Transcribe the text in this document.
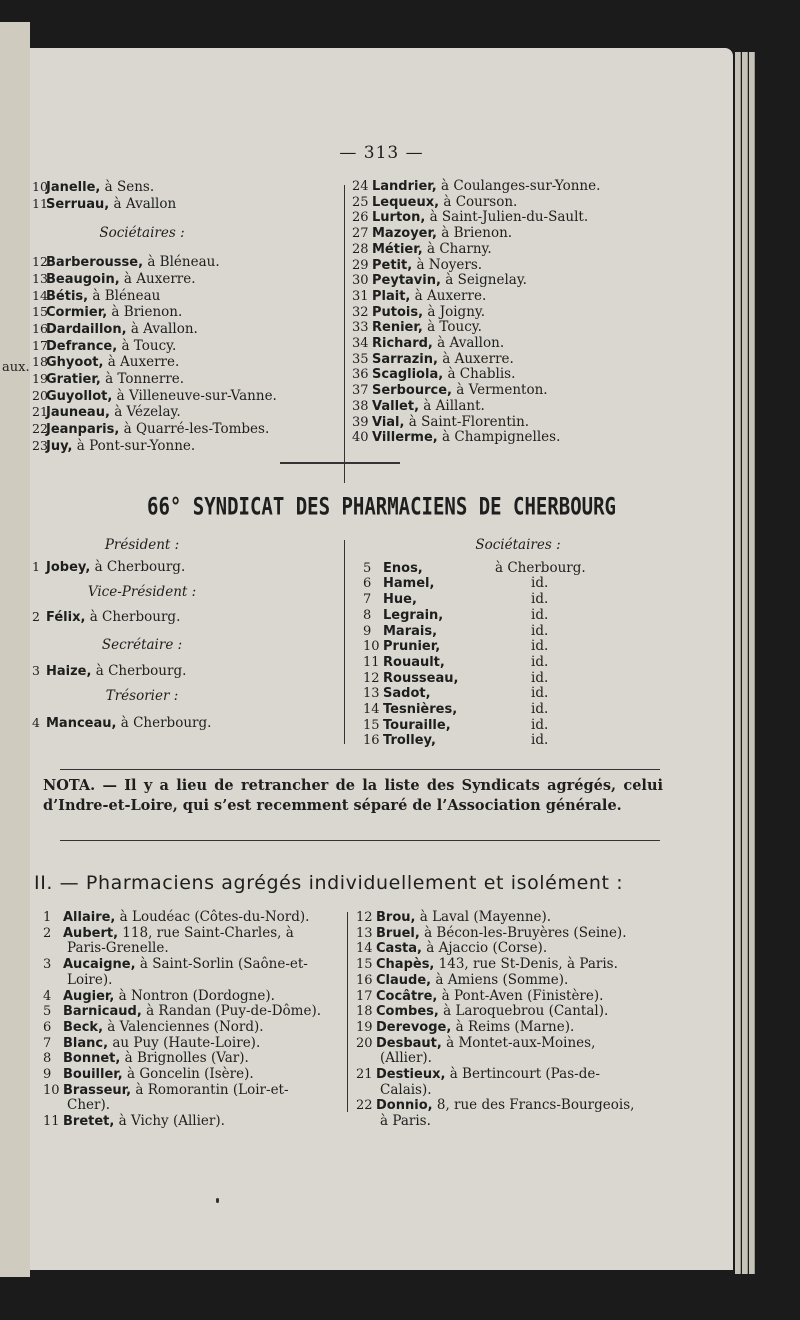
aux.
— 313 —
10Janelle, à Sens.
11Serruau, à Avallon
Sociétaires :
12Barberousse, à Bléneau.
13Beaugoin, à Auxerre.
14Bétis, à Bléneau
15Cormier, à Brienon.
16Dardaillon, à Avallon.
17Defrance, à Toucy.
18Ghyoot, à Auxerre.
19Gratier, à Tonnerre.
20Guyollot, à Villeneuve-sur-Vanne.
21Jauneau, à Vézelay.
22Jeanparis, à Quarré-les-Tombes.
23Juy, à Pont-sur-Yonne.
24 Landrier, à Coulanges-sur-Yonne.
25 Lequeux, à Courson.
26 Lurton, à Saint-Julien-du-Sault.
27 Mazoyer, à Brienon.
28 Métier, à Charny.
29 Petit, à Noyers.
30 Peytavin, à Seignelay.
31 Plait, à Auxerre.
32 Putois, à Joigny.
33 Renier, à Toucy.
34 Richard, à Avallon.
35 Sarrazin, à Auxerre.
36 Scagliola, à Chablis.
37 Serbource, à Vermenton.
38 Vallet, à Aillant.
39 Vial, à Saint-Florentin.
40 Villerme, à Champignelles.
66° SYNDICAT DES PHARMACIENS DE CHERBOURG
Président :
1 Jobey, à Cherbourg.
Vice-Président :
2 Félix, à Cherbourg.
Secrétaire :
3 Haize, à Cherbourg.
Trésorier :
4 Manceau, à Cherbourg.
Sociétaires :
5 Enos,	à Cherbourg.
6 Hamel,	id.
7 Hue,	id.
8 Legrain,	id.
9 Marais,	id.
10 Prunier,	id.
11 Rouault,	id.
12 Rousseau,	id.
13 Sadot,	id.
14 Tesnières,	id.
15 Touraille,	id.
16 Trolley,	id.
NOTA. — Il y a lieu de retrancher de la liste des Syndicats agrégés, celui d’Indre-et-Loire, qui s’est recemment séparé de l’Association générale.
II. — Pharmaciens agrégés individuellement et isolément :
1 Allaire, à Loudéac (Côtes-du-Nord).
2 Aubert, 118, rue Saint-Charles, à
Paris-Grenelle.
3 Aucaigne, à Saint-Sorlin (Saône-et-
Loire).
4 Augier, à Nontron (Dordogne).
5 Barnicaud, à Randan (Puy-de-Dôme).
6 Beck, à Valenciennes (Nord).
7 Blanc, au Puy (Haute-Loire).
8 Bonnet, à Brignolles (Var).
9 Bouiller, à Goncelin (Isère).
10 Brasseur, à Romorantin (Loir-et-
Cher).
11 Bretet, à Vichy (Allier).
12 Brou, à Laval (Mayenne).
13 Bruel, à Bécon-les-Bruyères (Seine).
14 Casta, à Ajaccio (Corse).
15 Chapès, 143, rue St-Denis, à Paris.
16 Claude, à Amiens (Somme).
17 Cocâtre, à Pont-Aven (Finistère).
18 Combes, à Laroquebrou (Cantal).
19 Derevoge, à Reims (Marne).
20 Desbaut, à Montet-aux-Moines,
(Allier).
21 Destieux, à Bertincourt (Pas-de-
Calais).
22 Donnio, 8, rue des Francs-Bourgeois,
à Paris.
